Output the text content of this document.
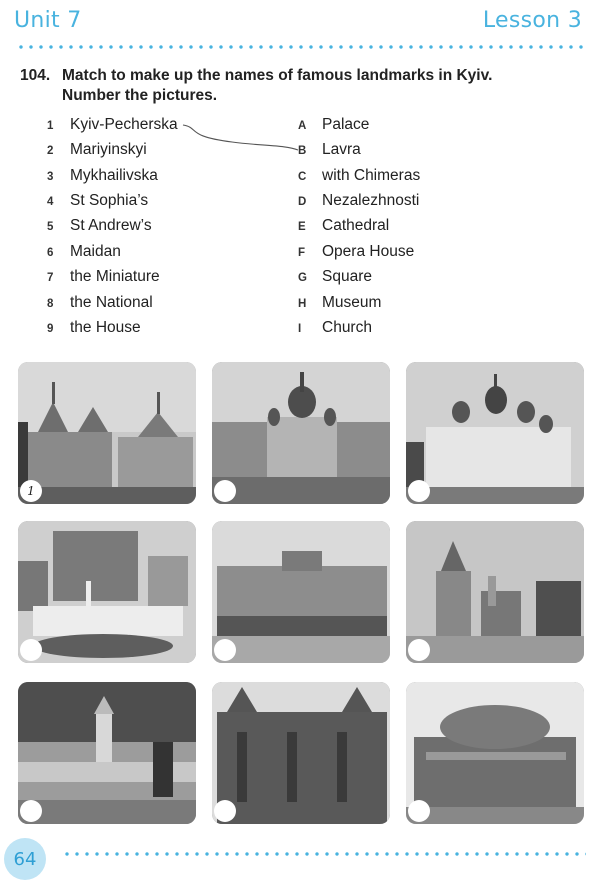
Unit 7	Lesson 3
104. Match to make up the names of famous landmarks in Kyiv.
Number the pictures.
1 Kyiv-Pecherska
2 Mariyinskyi
3 Mykhailivska
4 St Sophia’s
5 St Andrew’s
6 Maidan
7 the Miniature
8 the National
9 the House
A Palace
B Lavra
C with Chimeras
D Nezalezhnosti
E Cathedral
F Opera House
G Square
H Museum
I Church
1
64
